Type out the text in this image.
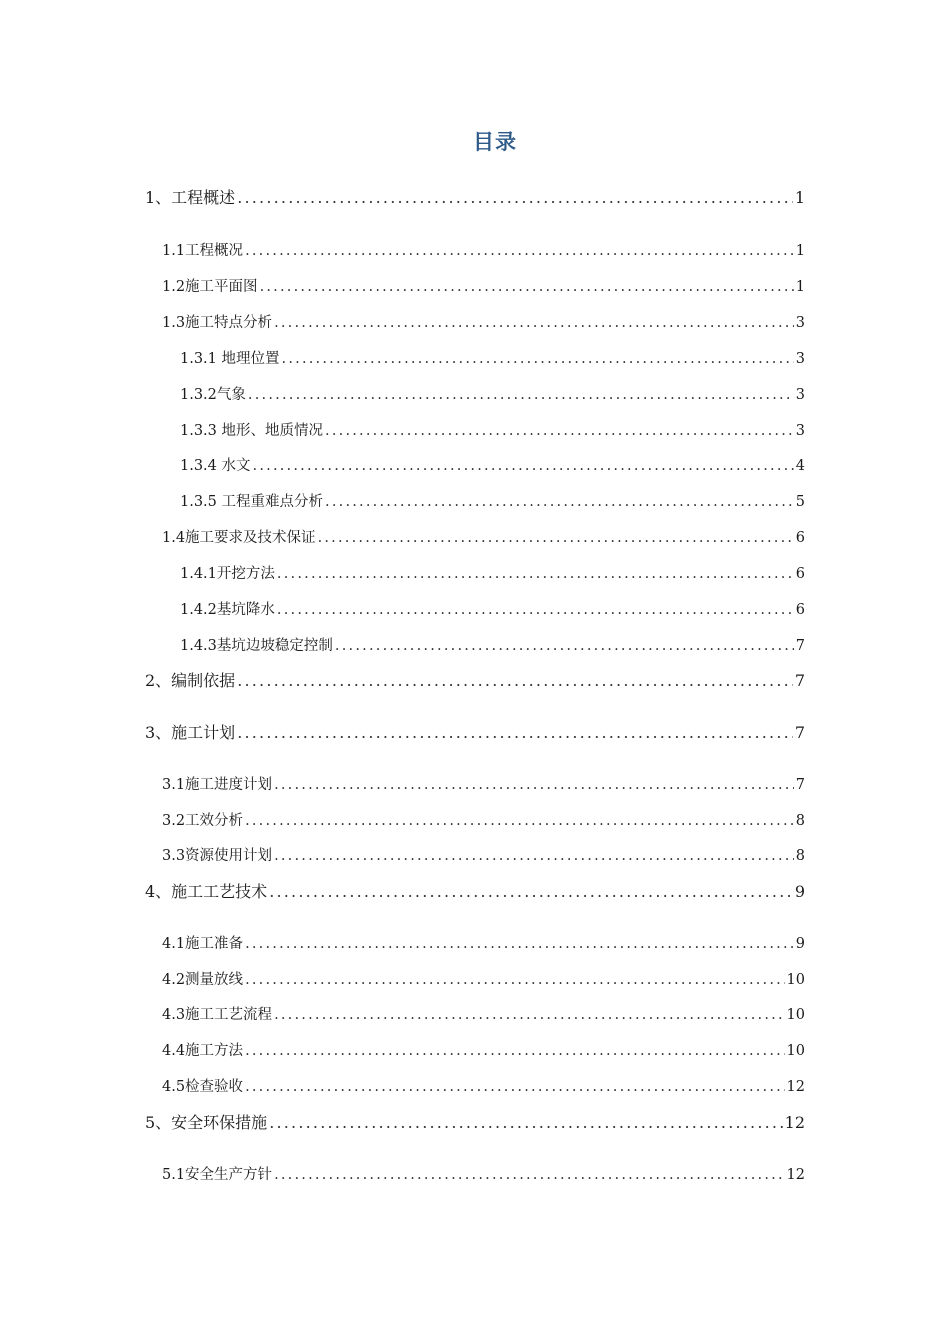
目录
1、工程概述 .....	1
1.1工程概况 .....	1
1.2施工平面图 .....	1
1.3施工特点分析 .....	3
1.3.1 地理位置 .....	3
1.3.2气象 .....	3
1.3.3 地形、地质情况 .....	3
1.3.4 水文 .....	4
1.3.5 工程重难点分析 .....	5
1.4施工要求及技术保证 .....	6
1.4.1开挖方法 .....	6
1.4.2基坑降水 .....	6
1.4.3基坑边坡稳定控制 .....	7
2、编制依据 .....	7
3、施工计划 .....	7
3.1施工进度计划 .....	7
3.2工效分析 .....	8
3.3资源使用计划 .....	8
4、施工工艺技术 .....	9
4.1施工准备 .....	9
4.2测量放线 .....	10
4.3施工工艺流程 .....	10
4.4施工方法 .....	10
4.5检查验收 .....	12
5、安全环保措施 .....	12
5.1安全生产方针 .....	12
